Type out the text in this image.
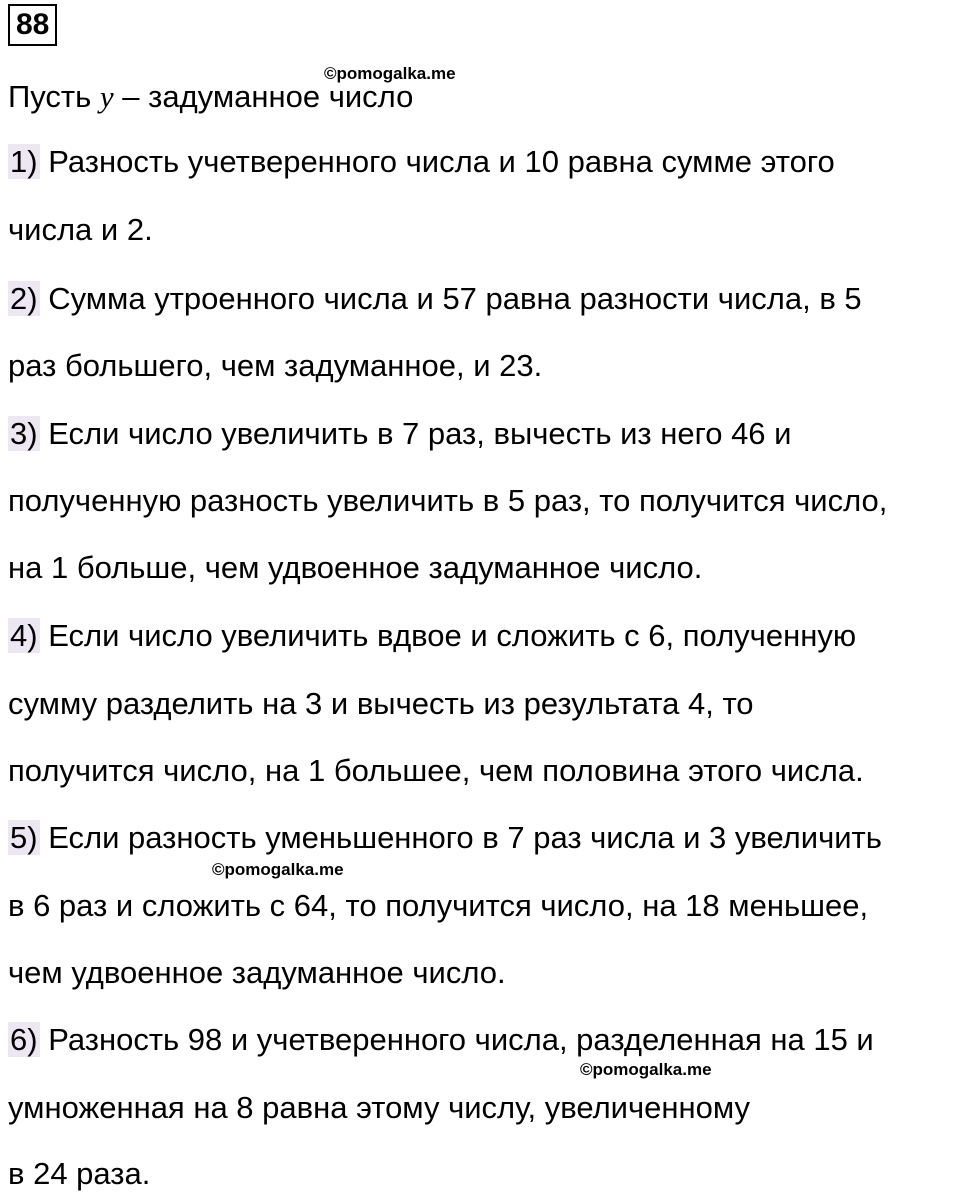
88
©pomogalka.me
©pomogalka.me
©pomogalka.me
Пусть y – задуманное число
1) Разность учетверенного числа и 10 равна сумме этого
числа и 2.
2) Сумма утроенного числа и 57 равна разности числа, в 5
раз большего, чем задуманное, и 23.
3) Если число увеличить в 7 раз, вычесть из него 46 и
полученную разность увеличить в 5 раз, то получится число,
на 1 больше, чем удвоенное задуманное число.
4) Если число увеличить вдвое и сложить с 6, полученную
сумму разделить на 3 и вычесть из результата 4, то
получится число, на 1 большее, чем половина этого числа.
5) Если разность уменьшенного в 7 раз числа и 3 увеличить
в 6 раз и сложить с 64, то получится число, на 18 меньшее,
чем удвоенное задуманное число.
6) Разность 98 и учетверенного числа, разделенная на 15 и
умноженная на 8 равна этому числу, увеличенному
в 24 раза.
